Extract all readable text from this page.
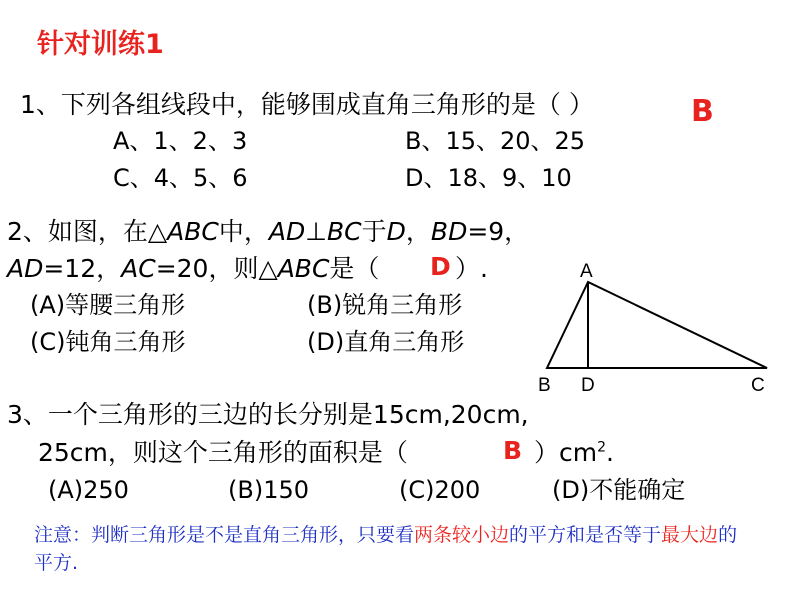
针对训练1
1、下列各组线段中，能够围成直角三角形的是（ ）	B
A、1、2、3	B、15、20、25
C、4、5、6	D、18、9、10
2、如图，在△ABC中，AD⊥BC于D，BD=9，
AD=12，AC=20，则△ABC是（ D ）.
(A)等腰三角形	(B)锐角三角形
(C)钝角三角形	(D)直角三角形
A
B D	C
3、一个三角形的三边的长分别是15cm,20cm,
25cm，则这个三角形的面积是（	B ）$cm^2$.
(A)250	(B)150	(C)200	(D)不能确定
注意：判断三角形是不是直角三角形，只要看两条较小边的平方和是否等于最大边的平方.
